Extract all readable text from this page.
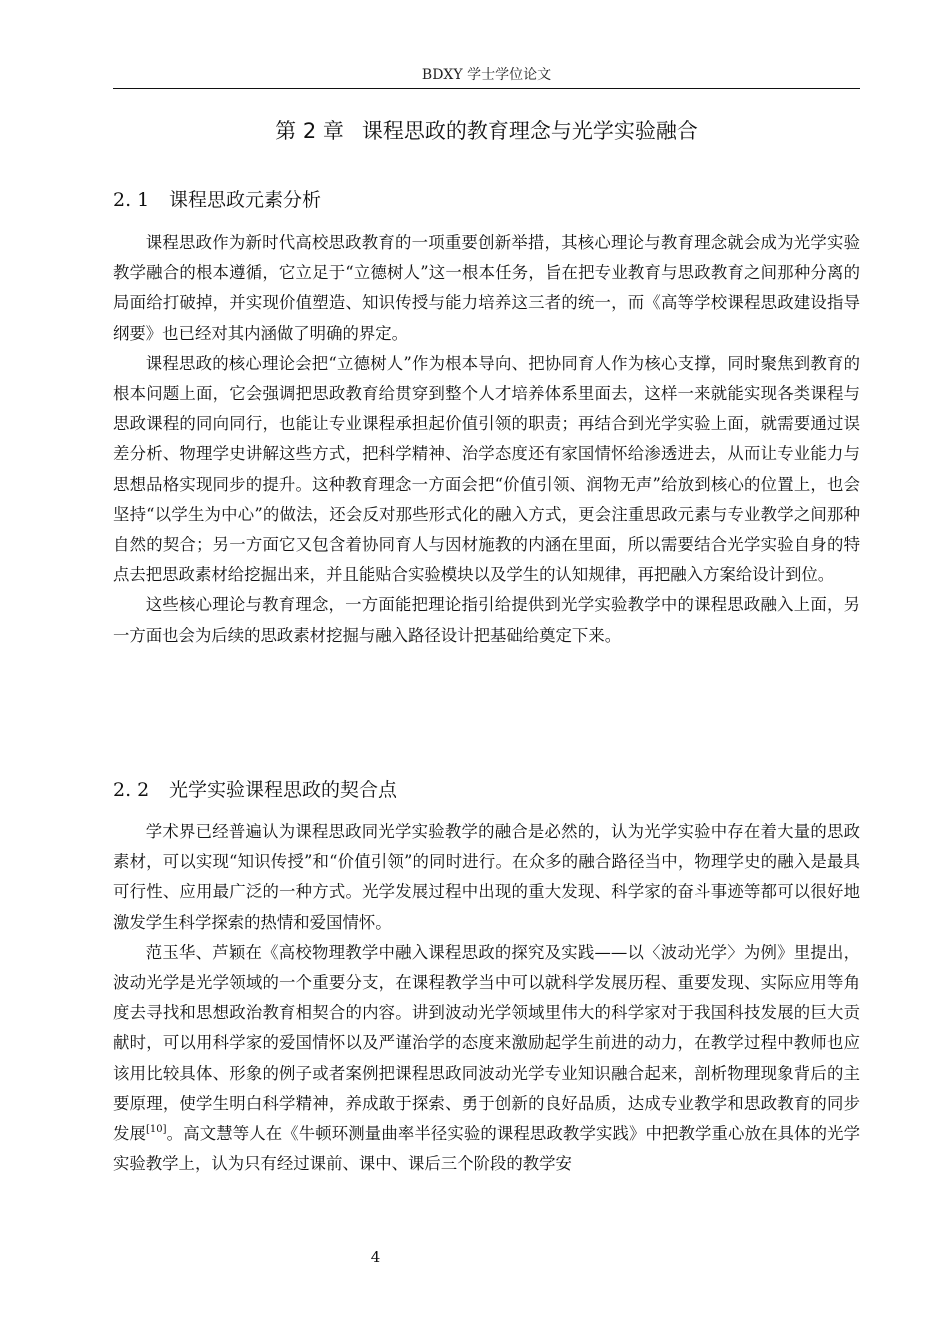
BDXY 学士学位论文
第 2 章 课程思政的教育理念与光学实验融合
2. 1 课程思政元素分析

课程思政作为新时代高校思政教育的一项重要创新举措，其核心理论与教育理念就会成为光学实验教学融合的根本遵循，它立足于“立德树人”这一根本任务，旨在把专业教育与思政教育之间那种分离的局面给打破掉，并实现价值塑造、知识传授与能力培养这三者的统一，而《高等学校课程思政建设指导纲要》也已经对其内涵做了明确的界定。

课程思政的核心理论会把“立德树人”作为根本导向、把协同育人作为核心支撑，同时聚焦到教育的根本问题上面，它会强调把思政教育给贯穿到整个人才培养体系里面去，这样一来就能实现各类课程与思政课程的同向同行，也能让专业课程承担起价值引领的职责；再结合到光学实验上面，就需要通过误差分析、物理学史讲解这些方式，把科学精神、治学态度还有家国情怀给渗透进去，从而让专业能力与思想品格实现同步的提升。这种教育理念一方面会把“价值引领、润物无声”给放到核心的位置上，也会坚持“以学生为中心”的做法，还会反对那些形式化的融入方式，更会注重思政元素与专业教学之间那种自然的契合；另一方面它又包含着协同育人与因材施教的内涵在里面，所以需要结合光学实验自身的特点去把思政素材给挖掘出来，并且能贴合实验模块以及学生的认知规律，再把融入方案给设计到位。

这些核心理论与教育理念，一方面能把理论指引给提供到光学实验教学中的课程思政融入上面，另一方面也会为后续的思政素材挖掘与融入路径设计把基础给奠定下来。

2. 2 光学实验课程思政的契合点

学术界已经普遍认为课程思政同光学实验教学的融合是必然的，认为光学实验中存在着大量的思政素材，可以实现“知识传授”和“价值引领”的同时进行。在众多的融合路径当中，物理学史的融入是最具可行性、应用最广泛的一种方式。光学发展过程中出现的重大发现、科学家的奋斗事迹等都可以很好地激发学生科学探索的热情和爱国情怀。

范玉华、芦颖在《高校物理教学中融入课程思政的探究及实践——以〈波动光学〉为例》里提出，波动光学是光学领域的一个重要分支，在课程教学当中可以就科学发展历程、重要发现、实际应用等角度去寻找和思想政治教育相契合的内容。讲到波动光学领域里伟大的科学家对于我国科技发展的巨大贡献时，可以用科学家的爱国情怀以及严谨治学的态度来激励起学生前进的动力，在教学过程中教师也应该用比较具体、形象的例子或者案例把课程思政同波动光学专业知识融合起来，剖析物理现象背后的主要原理，使学生明白科学精神，养成敢于探索、勇于创新的良好品质，达成专业教学和思政教育的同步发展[10]。高文慧等人在《牛顿环测量曲率半径实验的课程思政教学实践》中把教学重心放在具体的光学实验教学上，认为只有经过课前、课中、课后三个阶段的教学安

4
